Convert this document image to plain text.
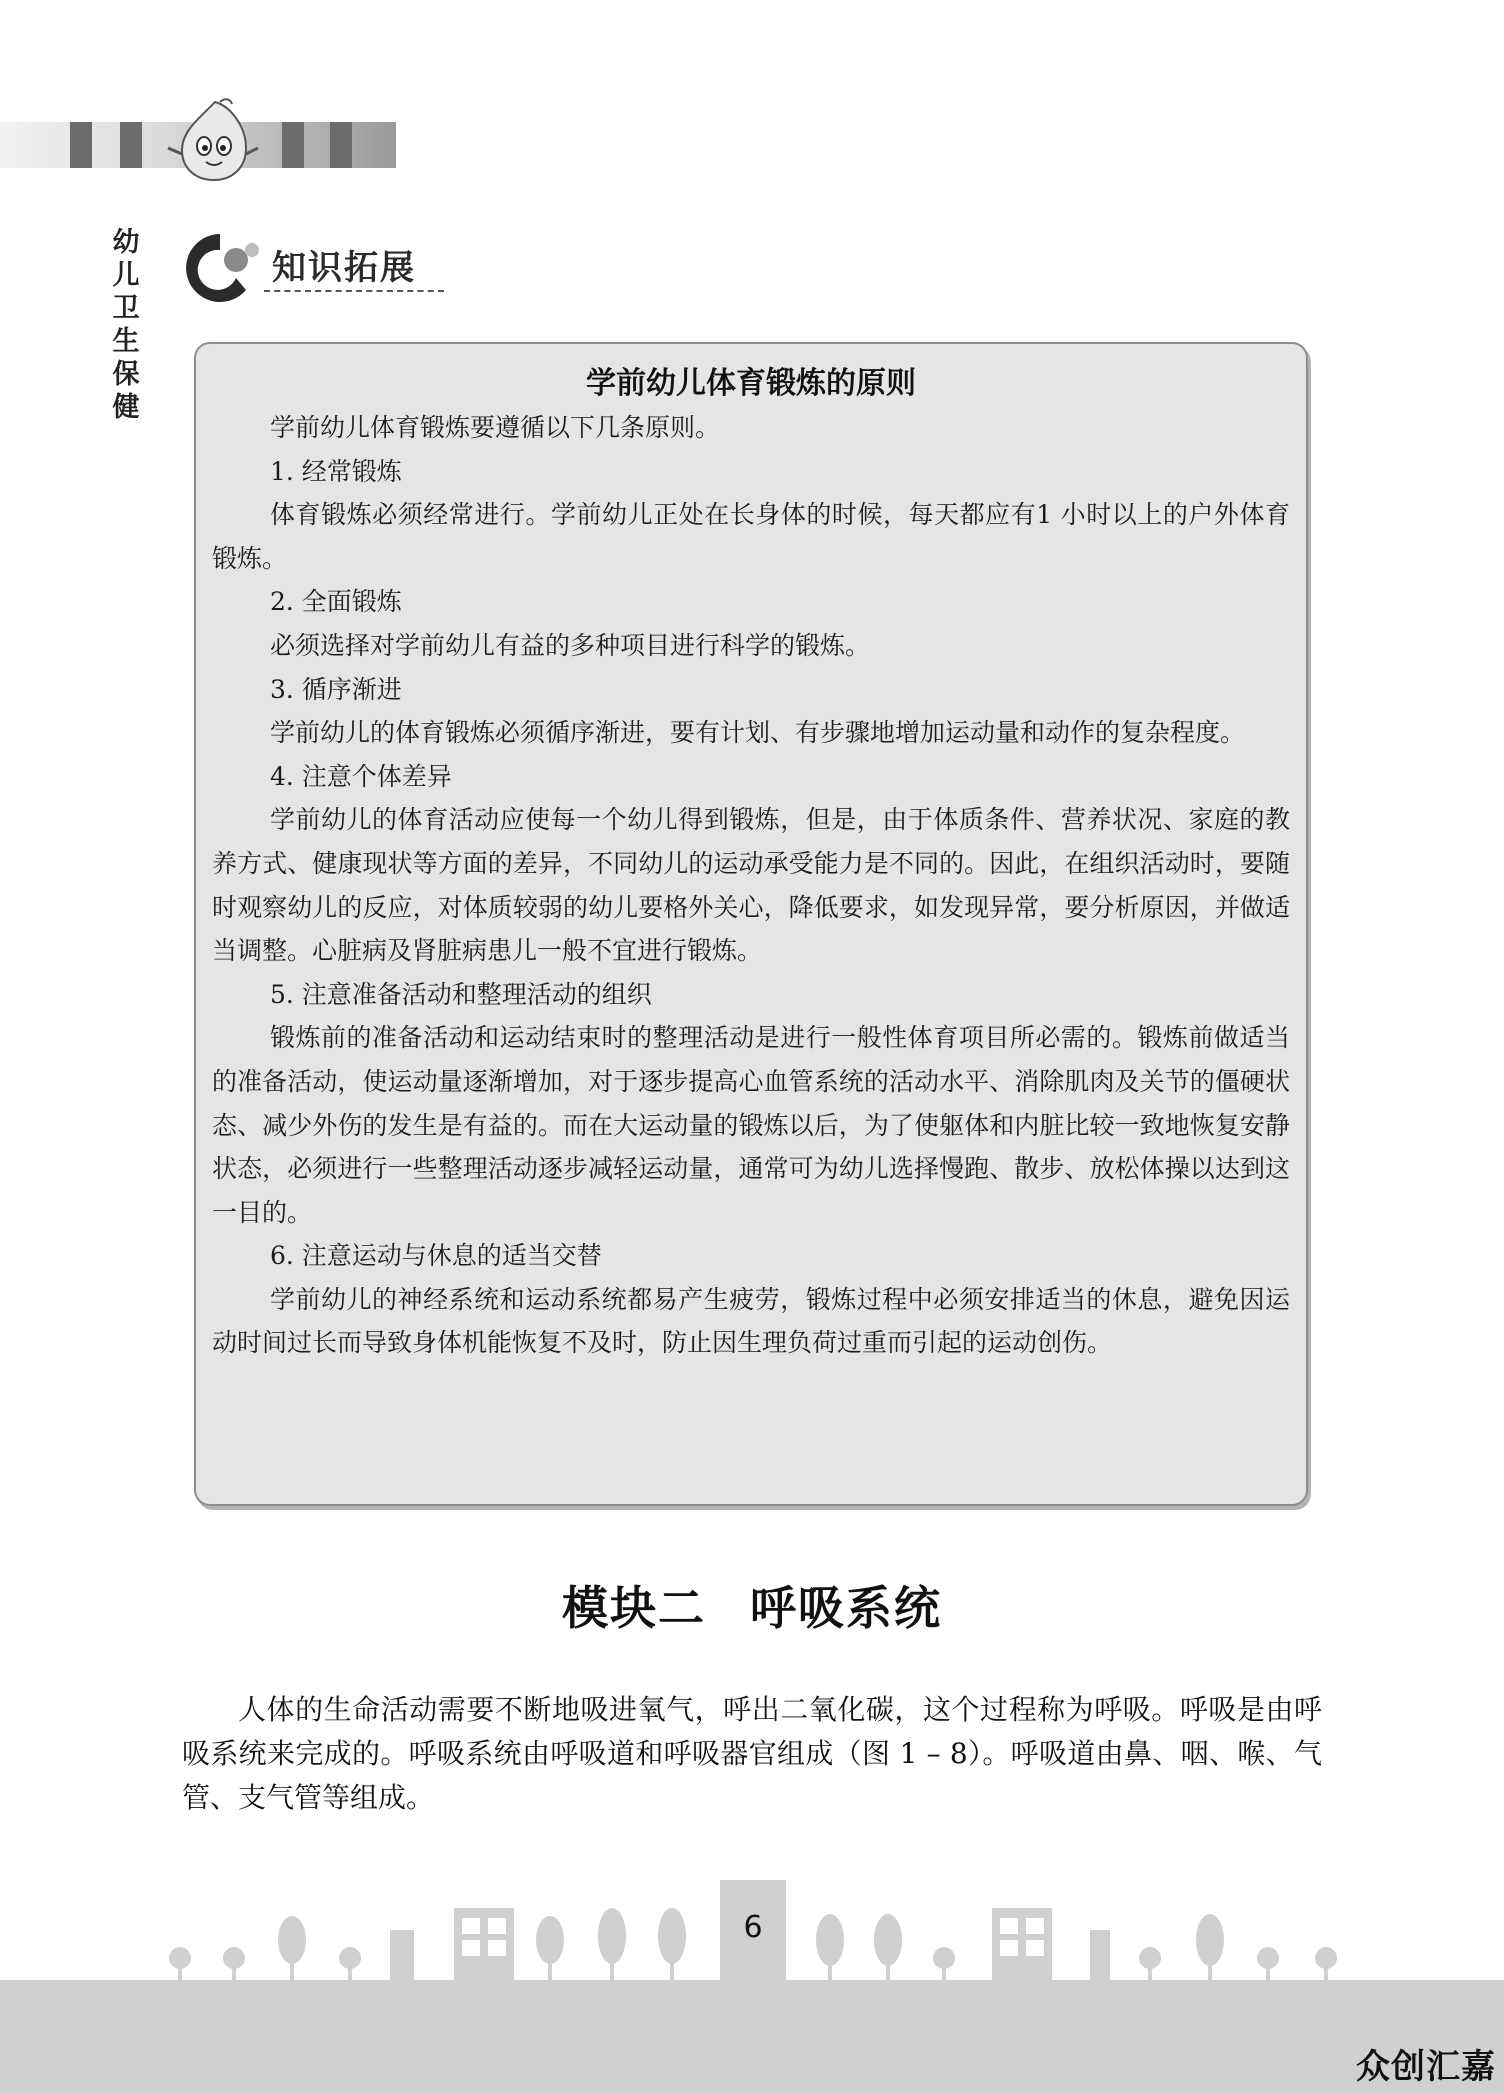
幼儿卫生保健
知识拓展
学前幼儿体育锻炼的原则

学前幼儿体育锻炼要遵循以下几条原则。

1. 经常锻炼

体育锻炼必须经常进行。学前幼儿正处在长身体的时候，每天都应有1 小时以上的户外体育锻炼。

2. 全面锻炼

必须选择对学前幼儿有益的多种项目进行科学的锻炼。

3. 循序渐进

学前幼儿的体育锻炼必须循序渐进，要有计划、有步骤地增加运动量和动作的复杂程度。

4. 注意个体差异

学前幼儿的体育活动应使每一个幼儿得到锻炼，但是，由于体质条件、营养状况、家庭的教养方式、健康现状等方面的差异，不同幼儿的运动承受能力是不同的。因此，在组织活动时，要随时观察幼儿的反应，对体质较弱的幼儿要格外关心，降低要求，如发现异常，要分析原因，并做适当调整。心脏病及肾脏病患儿一般不宜进行锻炼。

5. 注意准备活动和整理活动的组织

锻炼前的准备活动和运动结束时的整理活动是进行一般性体育项目所必需的。锻炼前做适当的准备活动，使运动量逐渐增加，对于逐步提高心血管系统的活动水平、消除肌肉及关节的僵硬状态、减少外伤的发生是有益的。而在大运动量的锻炼以后，为了使躯体和内脏比较一致地恢复安静状态，必须进行一些整理活动逐步减轻运动量，通常可为幼儿选择慢跑、散步、放松体操以达到这一目的。

6. 注意运动与休息的适当交替

学前幼儿的神经系统和运动系统都易产生疲劳，锻炼过程中必须安排适当的休息，避免因运动时间过长而导致身体机能恢复不及时，防止因生理负荷过重而引起的运动创伤。

模块二 呼吸系统

人体的生命活动需要不断地吸进氧气，呼出二氧化碳，这个过程称为呼吸。呼吸是由呼吸系统来完成的。呼吸系统由呼吸道和呼吸器官组成（图 1 – 8）。呼吸道由鼻、咽、喉、气管、支气管等组成。

6
众创汇嘉
